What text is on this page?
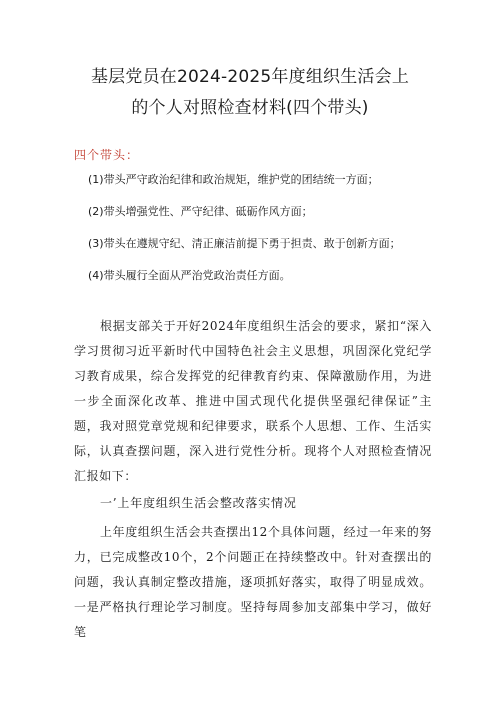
基层党员在2024-2025年度组织生活会上
的个人对照检查材料(四个带头)
四个带头：
(1)带头严守政治纪律和政治规矩，维护党的团结统一方面；
(2)带头增强党性、严守纪律、砥砺作风方面；
(3)带头在遵规守纪、清正廉洁前提下勇于担责、敢于创新方面；
(4)带头履行全面从严治党政治责任方面。

根据支部关于开好2024年度组织生活会的要求，紧扣“深入学习贯彻习近平新时代中国特色社会主义思想，巩固深化党纪学习教育成果，综合发挥党的纪律教育约束、保障激励作用，为进一步全面深化改革、推进中国式现代化提供坚强纪律保证”主题，我对照党章党规和纪律要求，联系个人思想、工作、生活实际，认真查摆问题，深入进行党性分析。现将个人对照检查情况汇报如下：

一’上年度组织生活会整改落实情况

上年度组织生活会共查摆出12个具体问题，经过一年来的努力，已完成整改10个，2个问题正在持续整改中。针对查摆出的问题，我认真制定整改措施，逐项抓好落实，取得了明显成效。一是严格执行理论学习制度。坚持每周参加支部集中学习，做好笔
